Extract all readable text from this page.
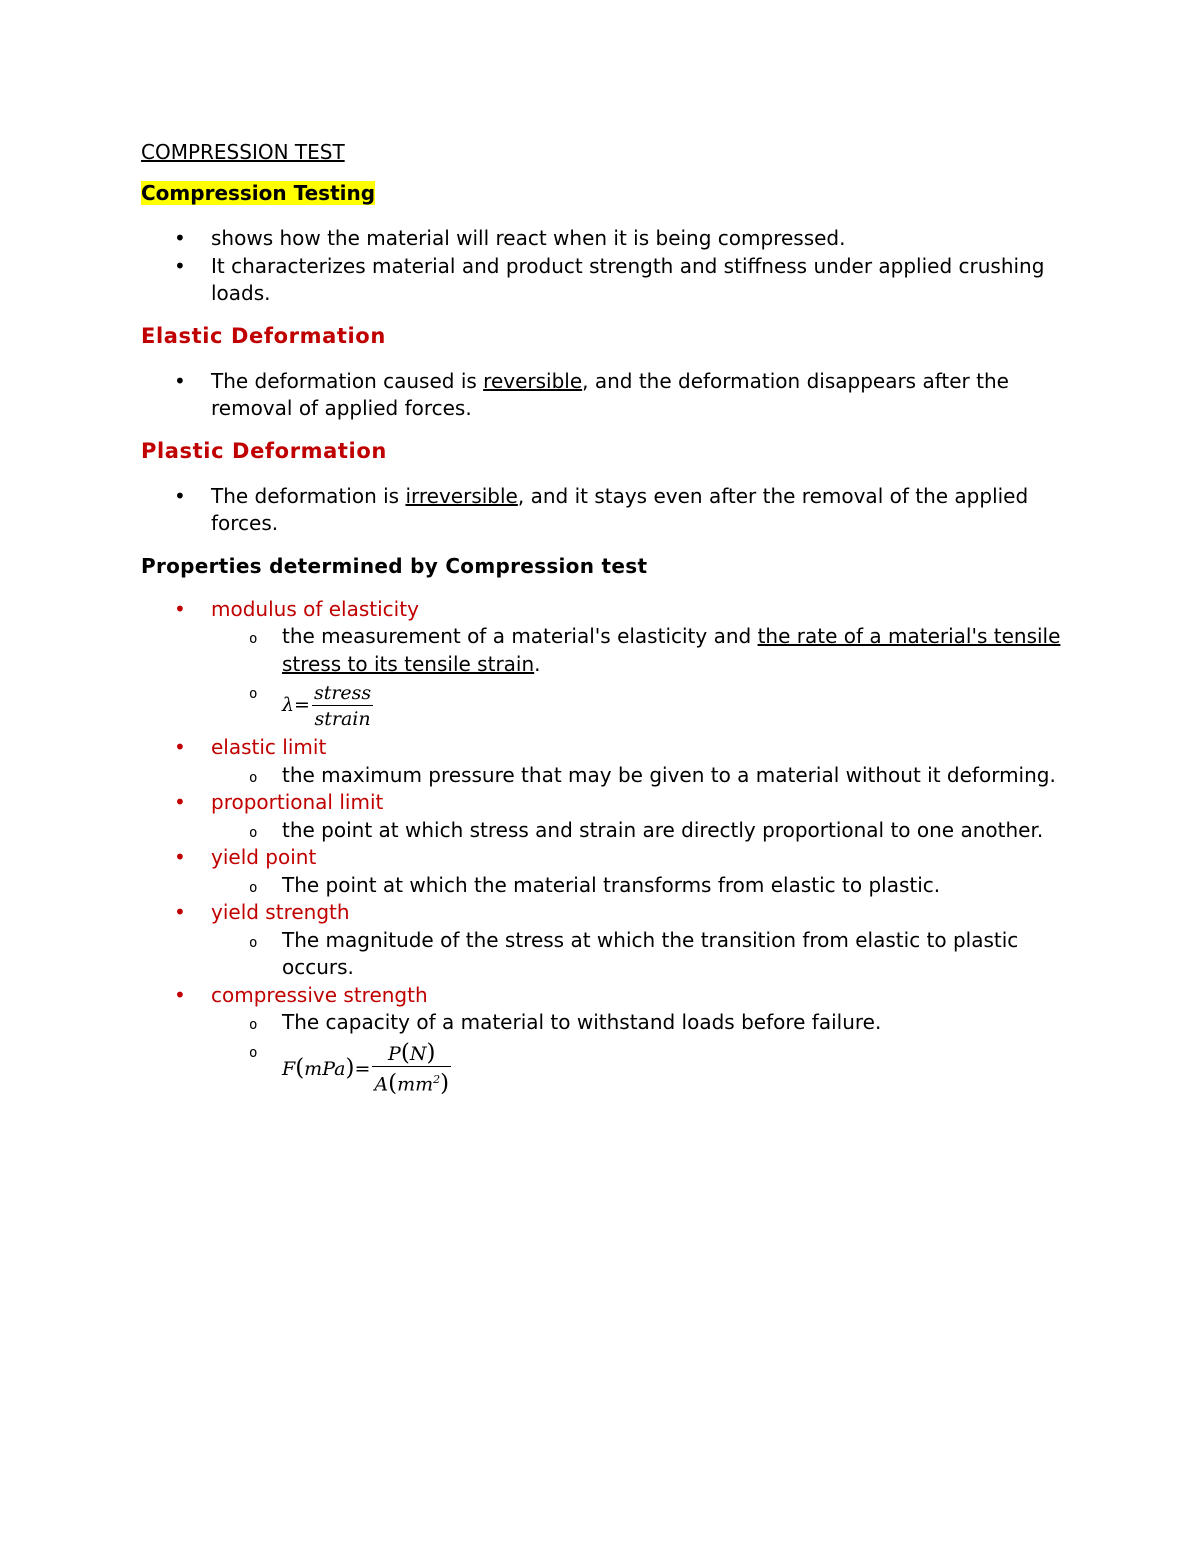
COMPRESSION TEST
Compression Testing
• shows how the material will react when it is being compressed.
• It characterizes material and product strength and stiffness under applied crushing loads.
Elastic Deformation
• The deformation caused is reversible, and the deformation disappears after the removal of applied forces.
Plastic Deformation
• The deformation is irreversible, and it stays even after the removal of the applied forces.
Properties determined by Compression test
• modulus of elasticity
o the measurement of a material's elasticity and the rate of a material's tensile stress to its tensile strain.
o $\lambda= \frac{\text{stress}}{\text{strain}}$
• elastic limit
o the maximum pressure that may be given to a material without it deforming.
• proportional limit
o the point at which stress and strain are directly proportional to one another.
• yield point
o The point at which the material transforms from elastic to plastic.
• yield strength
o The magnitude of the stress at which the transition from elastic to plastic occurs.
• compressive strength
o The capacity of a material to withstand loads before failure.
o $F(mPa)= \frac{P(N)}{A(mm^2)}$
